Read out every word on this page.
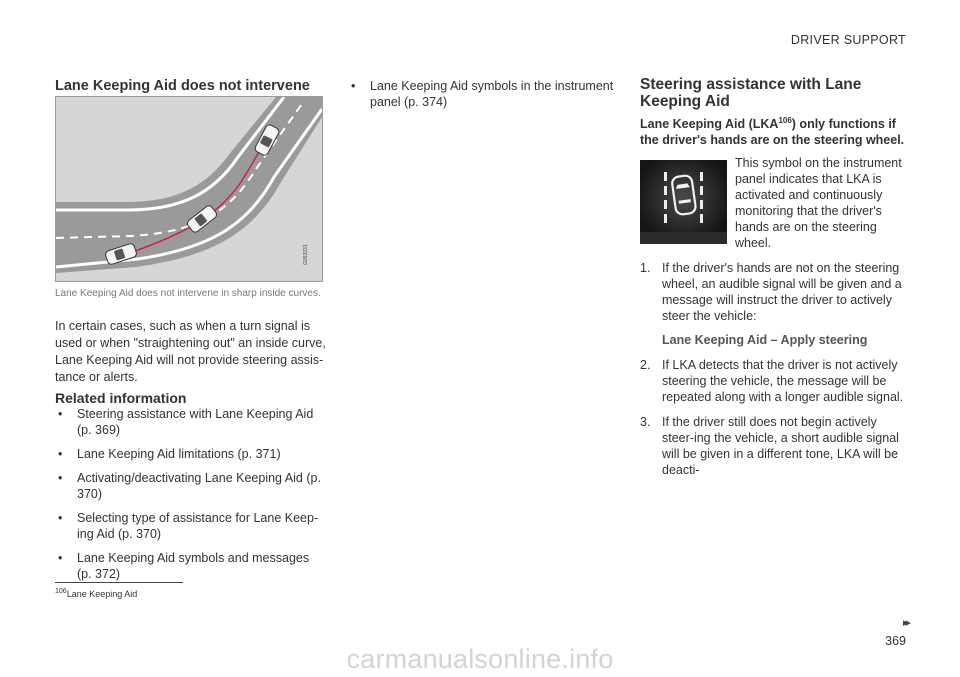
DRIVER SUPPORT
Lane Keeping Aid does not intervene
G053231
Lane Keeping Aid does not intervene in sharp inside curves.

In certain cases, such as when a turn signal is used or when "straightening out" an inside curve, Lane Keeping Aid will not provide steering assis-tance or alerts.

Related information
• Steering assistance with Lane Keeping Aid (p. 369)
• Lane Keeping Aid limitations (p. 371)
• Activating/deactivating Lane Keeping Aid (p. 370)
• Selecting type of assistance for Lane Keep-ing Aid (p. 370)
• Lane Keeping Aid symbols and messages (p. 372)
• Lane Keeping Aid symbols in the instrument panel (p. 374)
Steering assistance with Lane Keeping Aid
Lane Keeping Aid (LKA$^{106}$) only functions if the driver's hands are on the steering wheel.
This symbol on the instrument panel indicates that LKA is activated and continuously monitoring that the driver's hands are on the steering wheel.
1. If the driver's hands are not on the steering wheel, an audible signal will be given and a message will instruct the driver to actively steer the vehicle:
Lane Keeping Aid – Apply steering
2. If LKA detects that the driver is not actively steering the vehicle, the message will be repeated along with a longer audible signal.
3. If the driver still does not begin actively steer-ing the vehicle, a short audible signal will be given in a different tone, LKA will be deacti-
$^{106}$Lane Keeping Aid
▸▸
369
carmanualsonline.info
